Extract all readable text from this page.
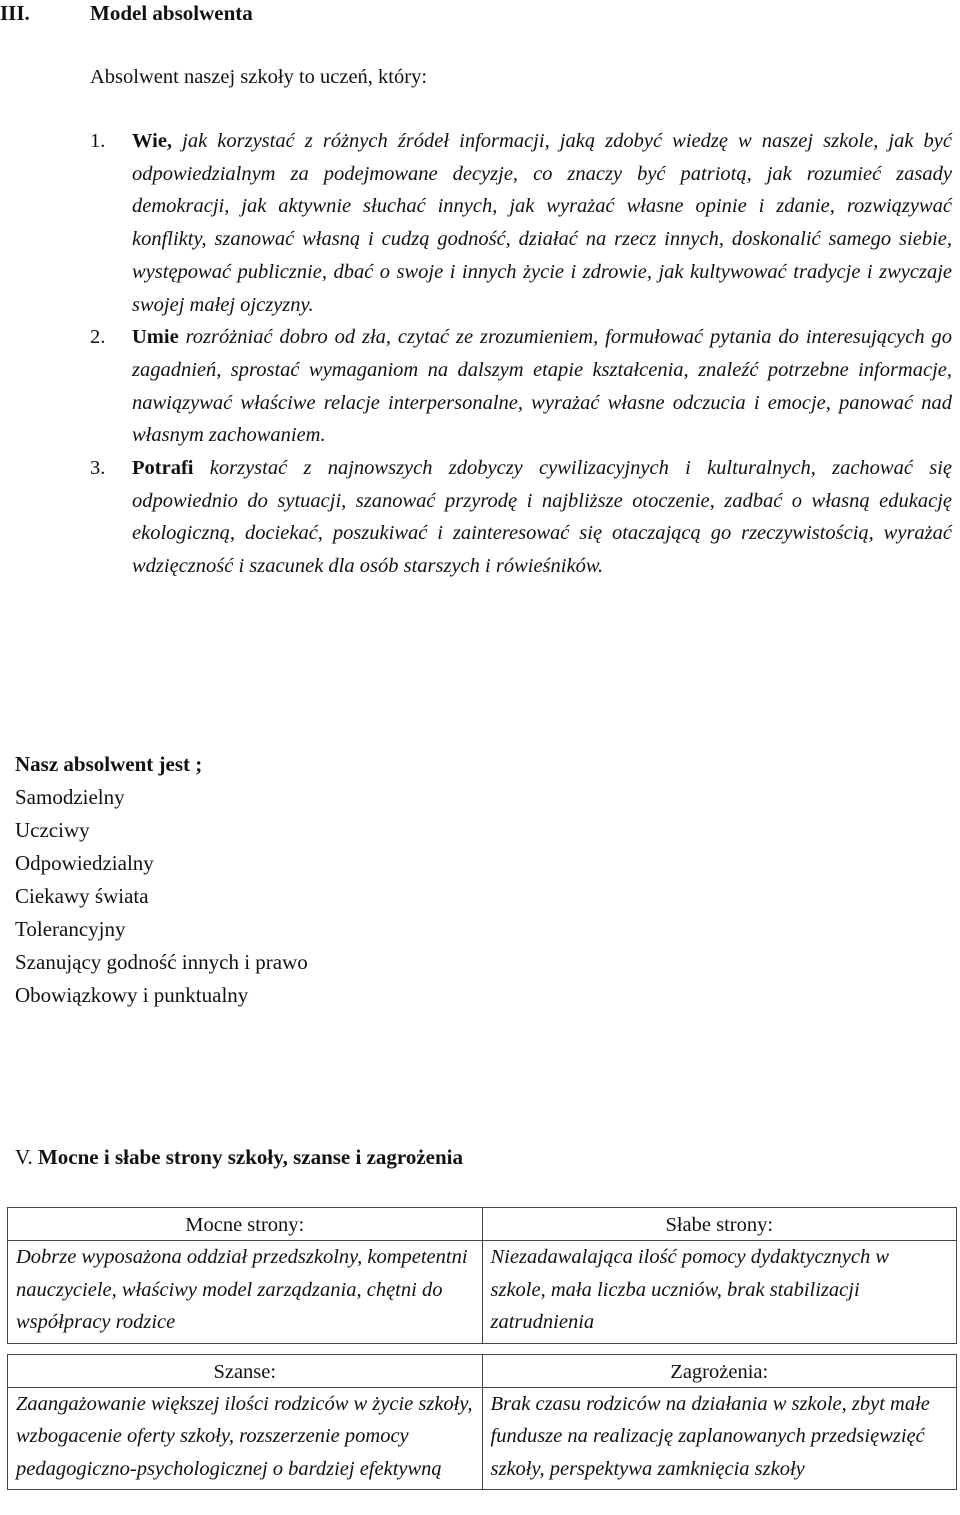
III.	Model absolwenta
Absolwent naszej szkoły to uczeń, który:
1. Wie, jak korzystać z różnych źródeł informacji, jaką zdobyć wiedzę w naszej szkole, jak być odpowiedzialnym za podejmowane decyzje, co znaczy być patriotą, jak rozumieć zasady demokracji, jak aktywnie słuchać innych, jak wyrażać własne opinie i zdanie, rozwiązywać konflikty, szanować własną i cudzą godność, działać na rzecz innych, doskonalić samego siebie, występować publicznie, dbać o swoje i innych życie i zdrowie, jak kultywować tradycje i zwyczaje swojej małej ojczyzny.
2. Umie rozróżniać dobro od zła, czytać ze zrozumieniem, formułować pytania do interesujących go zagadnień, sprostać wymaganiom na dalszym etapie kształcenia, znaleźć potrzebne informacje, nawiązywać właściwe relacje interpersonalne, wyrażać własne odczucia i emocje, panować nad własnym zachowaniem.
3. Potrafi korzystać z najnowszych zdobyczy cywilizacyjnych i kulturalnych, zachować się odpowiednio do sytuacji, szanować przyrodę i najbliższe otoczenie, zadbać o własną edukację ekologiczną, dociekać, poszukiwać i zainteresować się otaczającą go rzeczywistością, wyrażać wdzięczność i szacunek dla osób starszych i rówieśników.
Nasz absolwent jest ;
Samodzielny
Uczciwy
Odpowiedzialny
Ciekawy świata
Tolerancyjny
Szanujący godność innych i prawo
Obowiązkowy i punktualny
V. Mocne i słabe strony szkoły, szanse i zagrożenia
Mocne strony:	Słabe strony:
Dobrze wyposażona oddział przedszkolny, kompetentni nauczyciele, właściwy model zarządzania, chętni do współpracy rodzice	Niezadawalająca ilość pomocy dydaktycznych w szkole, mała liczba uczniów, brak stabilizacji zatrudnienia

Szanse:	Zagrożenia:
Zaangażowanie większej ilości rodziców w życie szkoły, wzbogacenie oferty szkoły, rozszerzenie pomocy pedagogiczno-psychologicznej o bardziej efektywną	Brak czasu rodziców na działania w szkole, zbyt małe fundusze na realizację zaplanowanych przedsięwzięć szkoły, perspektywa zamknięcia szkoły
